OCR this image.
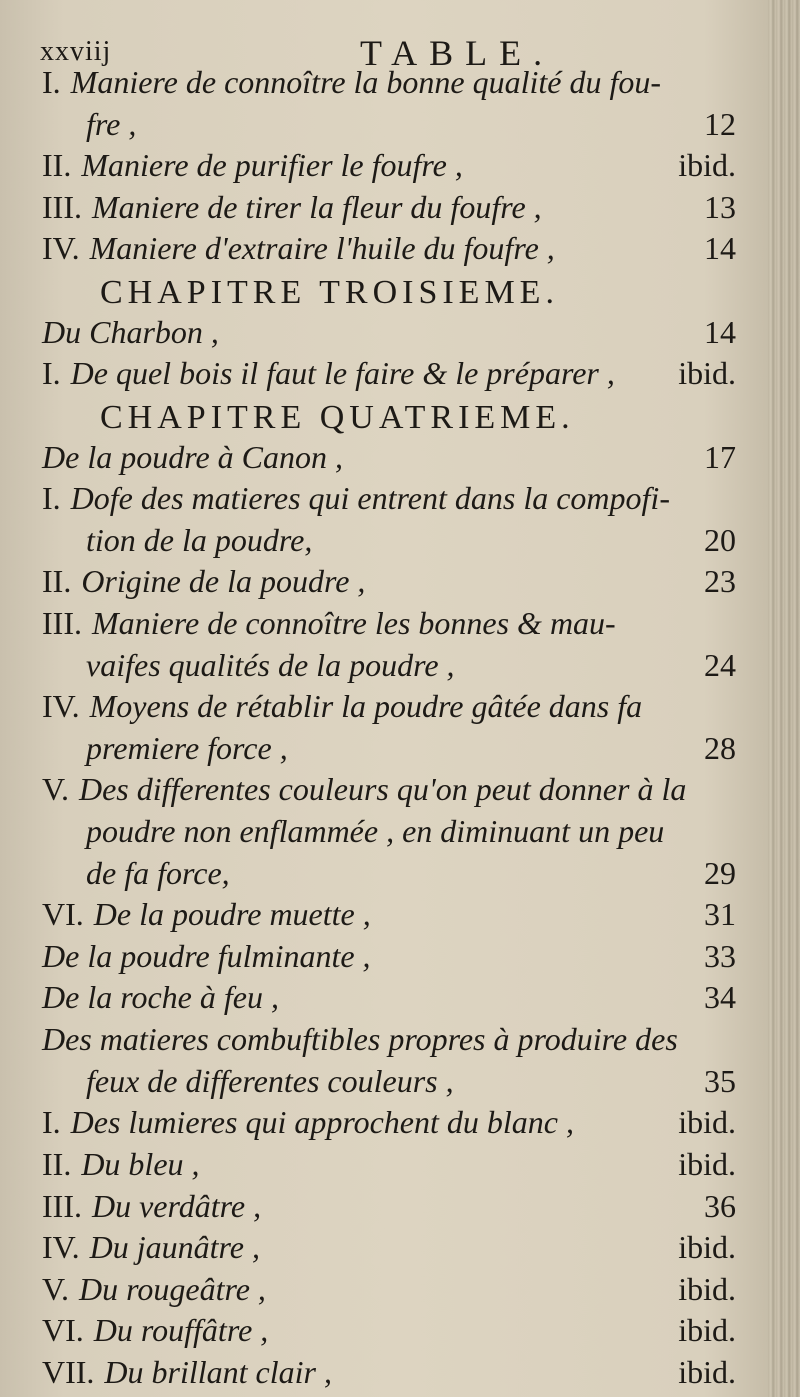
xxviij	TABLE.
I. Maniere de connoître la bonne qualité du fou-
fre ,	12
II. Maniere de purifier le foufre ,	ibid.
III. Maniere de tirer la fleur du foufre ,	13
IV. Maniere d'extraire l'huile du foufre ,	14
CHAPITRE TROISIEME.
Du Charbon ,	14
I. De quel bois il faut le faire & le préparer , ibid.
CHAPITRE QUATRIEME.
De la poudre à Canon ,	17
I. Dofe des matieres qui entrent dans la compofi-
tion de la poudre,	20
II. Origine de la poudre ,	23
III. Maniere de connoître les bonnes & mau-
vaifes qualités de la poudre ,	24
IV. Moyens de rétablir la poudre gâtée dans fa
premiere force ,	28
V. Des differentes couleurs qu'on peut donner à la
poudre non enflammée , en diminuant un peu
de fa force,	29
VI. De la poudre muette ,	31
De la poudre fulminante ,	33
De la roche à feu ,	34
Des matieres combuftibles propres à produire des
feux de differentes couleurs ,	35
I. Des lumieres qui approchent du blanc ,	ibid.
II. Du bleu ,	ibid.
III. Du verdâtre ,	36
IV. Du jaunâtre ,	ibid.
V. Du rougeâtre ,	ibid.
VI. Du rouffâtre ,	ibid.
VII. Du brillant clair ,	ibid.
